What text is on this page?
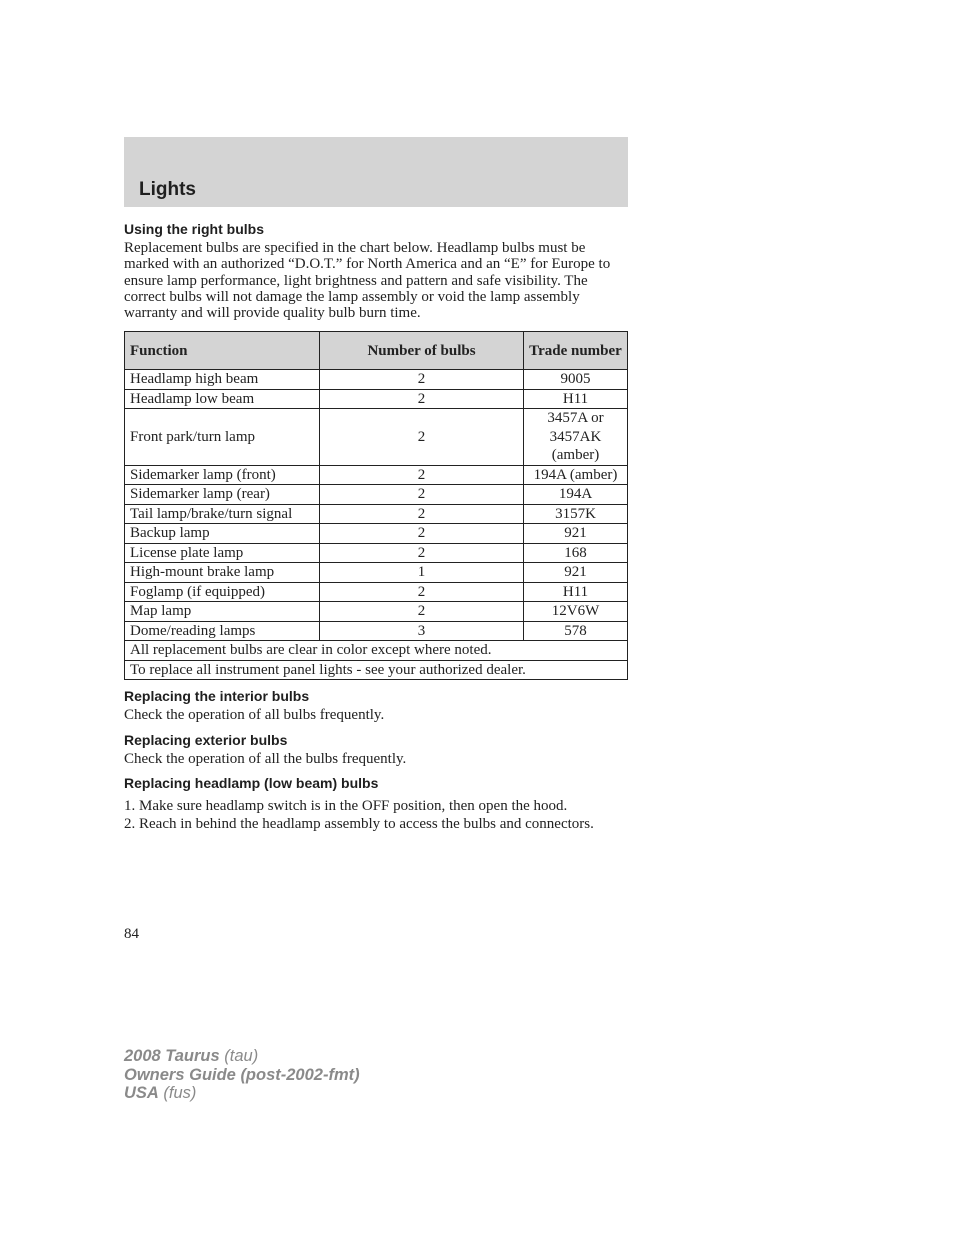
Lights
Using the right bulbs

Replacement bulbs are specified in the chart below. Headlamp bulbs must be marked with an authorized “D.O.T.” for North America and an “E” for Europe to ensure lamp performance, light brightness and pattern and safe visibility. The correct bulbs will not damage the lamp assembly or void the lamp assembly warranty and will provide quality bulb burn time.

Function	Number of bulbs	Trade number
Headlamp high beam	2	9005
Headlamp low beam	2	H11
Front park/turn lamp	2	3457A or 3457AK (amber)
Sidemarker lamp (front)	2	194A (amber)
Sidemarker lamp (rear)	2	194A
Tail lamp/brake/turn signal	2	3157K
Backup lamp	2	921
License plate lamp	2	168
High-mount brake lamp	1	921
Foglamp (if equipped)	2	H11
Map lamp	2	12V6W
Dome/reading lamps	3	578
All replacement bulbs are clear in color except where noted.		
To replace all instrument panel lights - see your authorized dealer.		
Replacing the interior bulbs

Check the operation of all bulbs frequently.

Replacing exterior bulbs

Check the operation of all the bulbs frequently.

Replacing headlamp (low beam) bulbs

1. Make sure headlamp switch is in the OFF position, then open the hood.

2. Reach in behind the headlamp assembly to access the bulbs and connectors.

84
2008 Taurus (tau)
Owners Guide (post-2002-fmt)
USA (fus)
